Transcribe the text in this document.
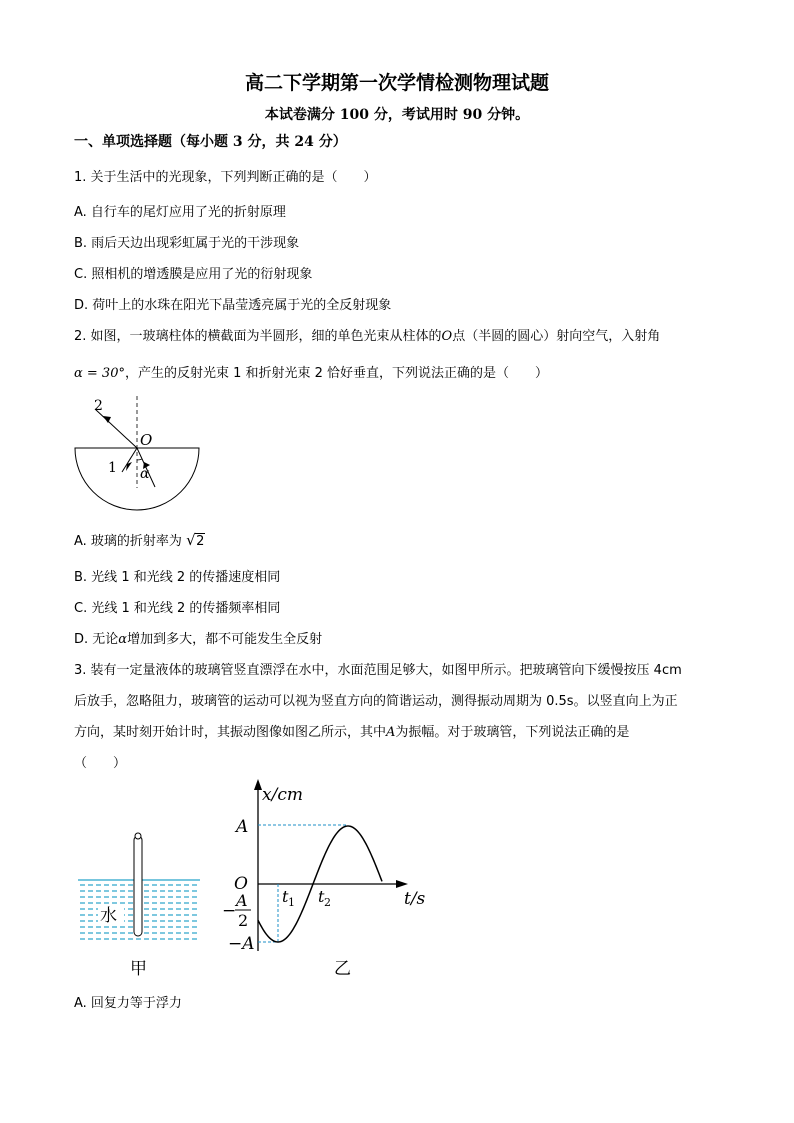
高二下学期第一次学情检测物理试题
本试卷满分 100 分，考试用时 90 分钟。
一、单项选择题（每小题 3 分，共 24 分）
1. 关于生活中的光现象，下列判断正确的是（　　）
A. 自行车的尾灯应用了光的折射原理
B. 雨后天边出现彩虹属于光的干涉现象
C. 照相机的增透膜是应用了光的衍射现象
D. 荷叶上的水珠在阳光下晶莹透亮属于光的全反射现象
2. 如图，一玻璃柱体的横截面为半圆形，细的单色光束从柱体的O点（半圆的圆心）射向空气，入射角
α = 30°，产生的反射光束 1 和折射光束 2 恰好垂直，下列说法正确的是（　　）
2
O
1 α
A. 玻璃的折射率为 √ 2
B. 光线 1 和光线 2 的传播速度相同
C. 光线 1 和光线 2 的传播频率相同
D. 无论α增加到多大，都不可能发生全反射
3. 装有一定量液体的玻璃管竖直漂浮在水中，水面范围足够大，如图甲所示。把玻璃管向下缓慢按压 4cm
后放手，忽略阻力，玻璃管的运动可以视为竖直方向的简谐运动，测得振动周期为 0.5s。以竖直向上为正
方向，某时刻开始计时，其振动图像如图乙所示，其中A为振幅。对于玻璃管，下列说法正确的是
（　　）
水
甲
x/cm
t/s
A
O
−
A
2
−A
t 1 t 2
乙
A. 回复力等于浮力
